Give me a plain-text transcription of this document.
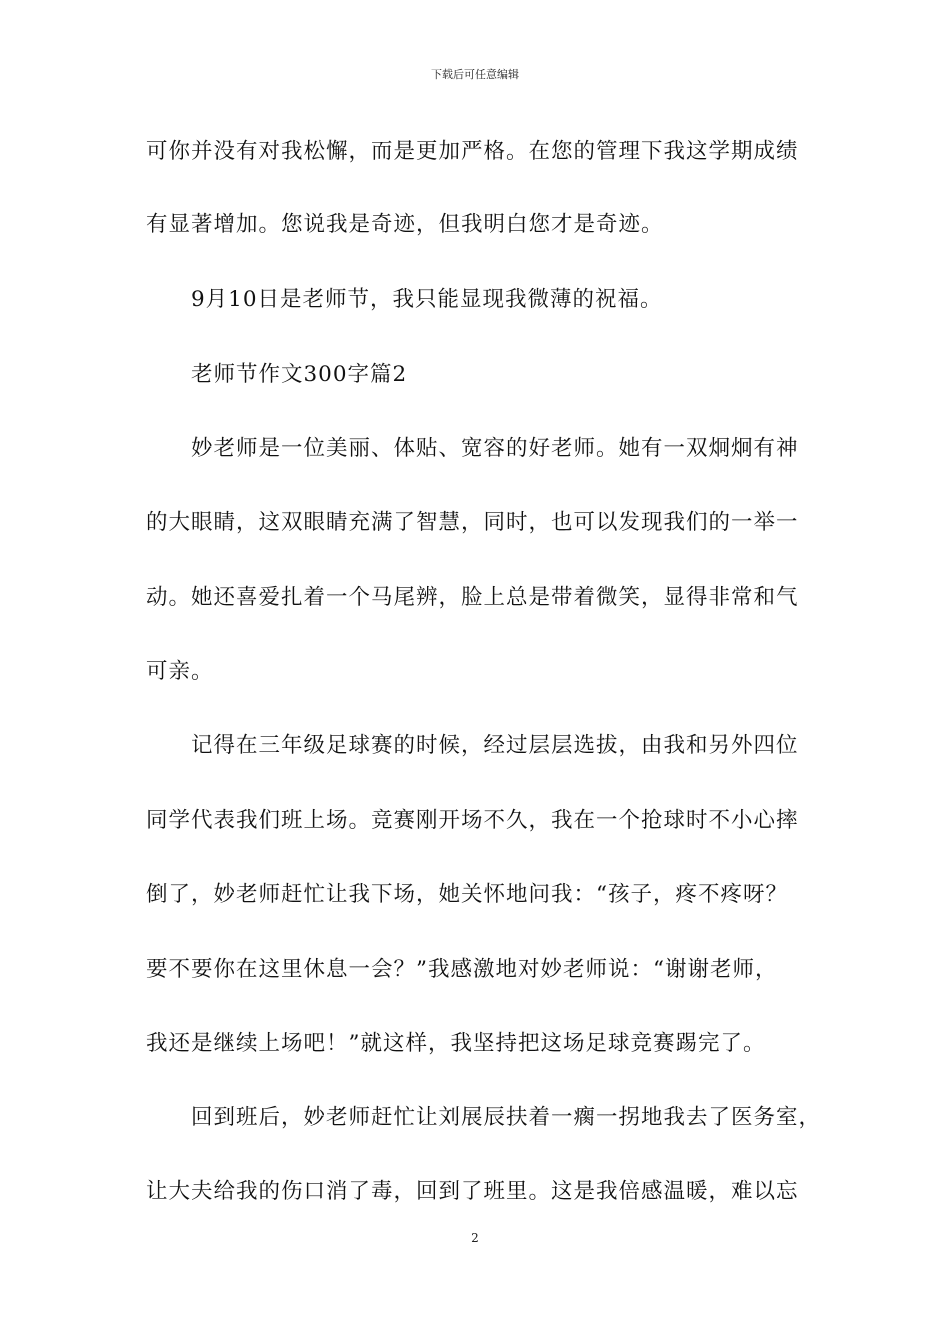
下载后可任意编辑
可你并没有对我松懈，而是更加严格。在您的管理下我这学期成绩
有显著增加。您说我是奇迹，但我明白您才是奇迹。
9月10日是老师节，我只能显现我微薄的祝福。
老师节作文300字篇2
妙老师是一位美丽、体贴、宽容的好老师。她有一双炯炯有神
的大眼睛，这双眼睛充满了智慧，同时，也可以发现我们的一举一
动。她还喜爱扎着一个马尾辨，脸上总是带着微笑，显得非常和气
可亲。
记得在三年级足球赛的时候，经过层层选拔，由我和另外四位
同学代表我们班上场。竞赛刚开场不久，我在一个抢球时不小心摔
倒了，妙老师赶忙让我下场，她关怀地问我：“孩子，疼不疼呀？
要不要你在这里休息一会？”我感激地对妙老师说：“谢谢老师，
我还是继续上场吧！”就这样，我坚持把这场足球竞赛踢完了。
回到班后，妙老师赶忙让刘展辰扶着一瘸一拐地我去了医务室，
让大夫给我的伤口消了毒，回到了班里。这是我倍感温暖，难以忘
2
